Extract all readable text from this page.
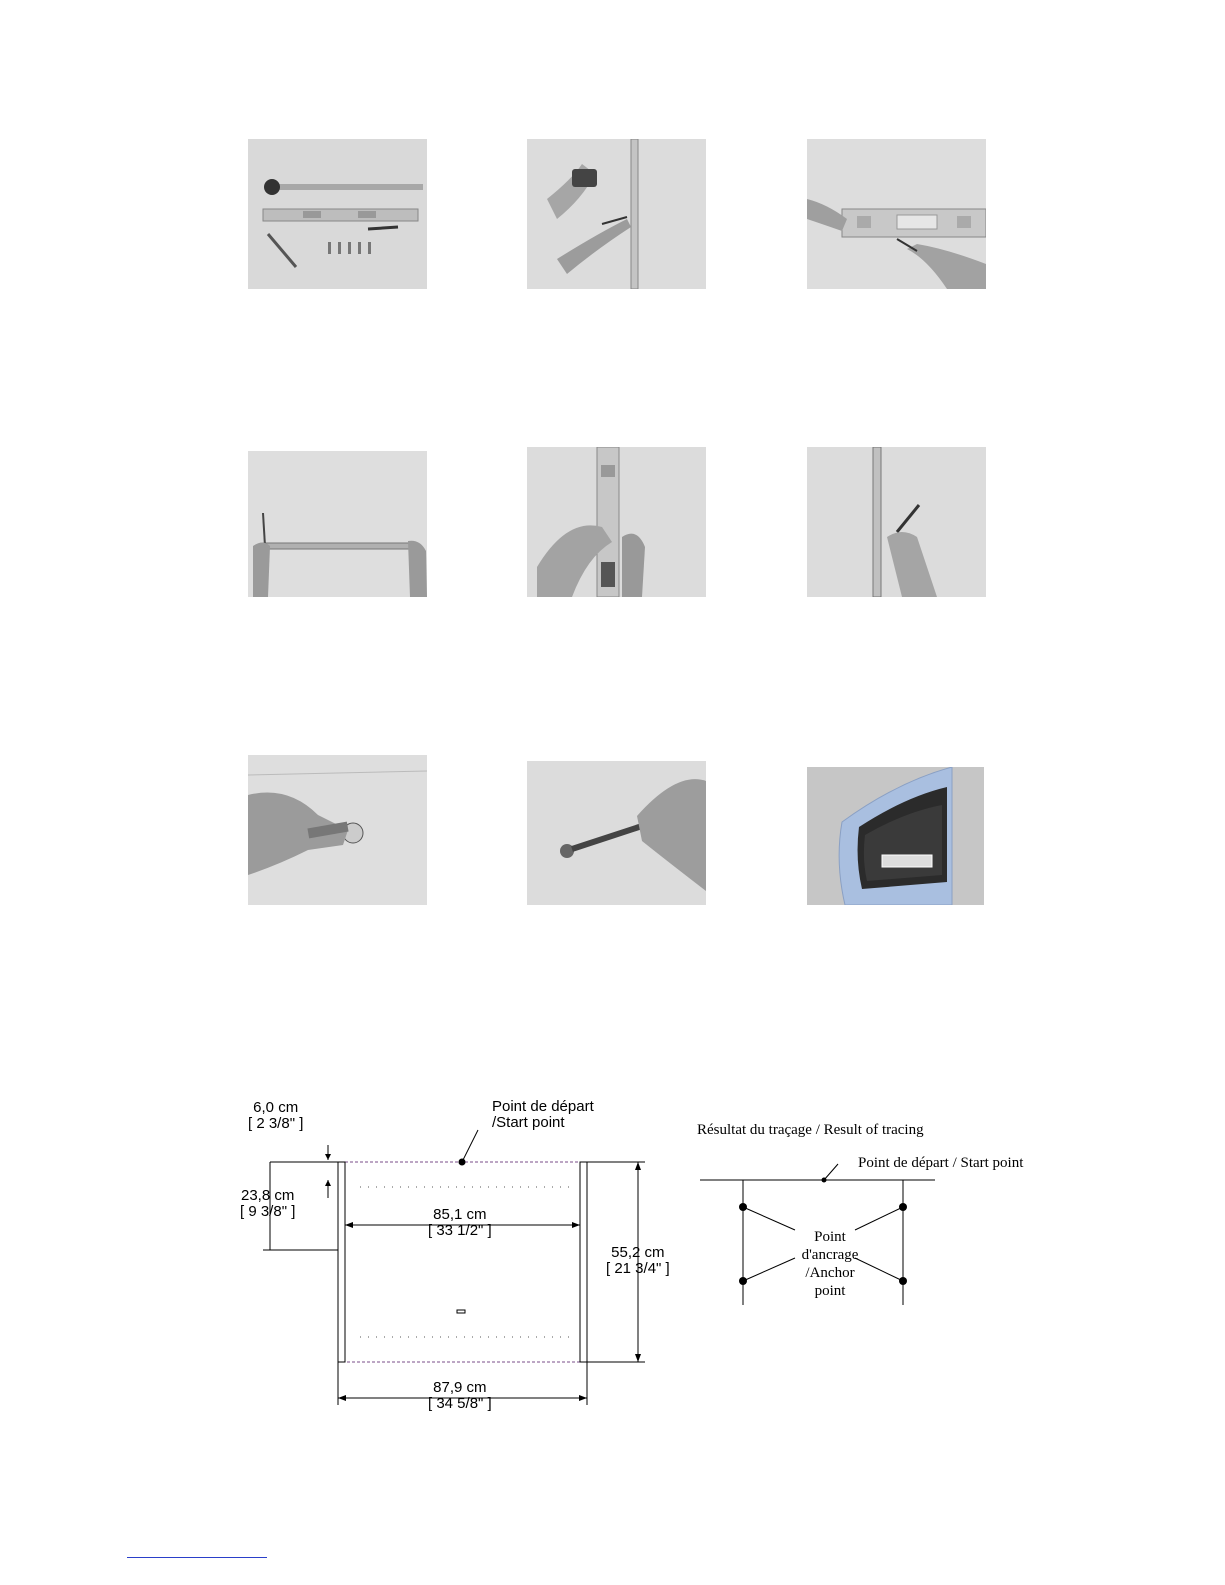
Point de départ
/Start point
6,0 cm
[ 2 3/8" ]
23,8 cm
[ 9 3/8" ]	85,1 cm
[ 33 1/2" ]
55,2 cm
[ 21 3/4" ]
87,9 cm
[ 34 5/8" ]
Résultat du traçage / Result of tracing
Point de départ / Start point
Point
d'ancrage
/Anchor
point
